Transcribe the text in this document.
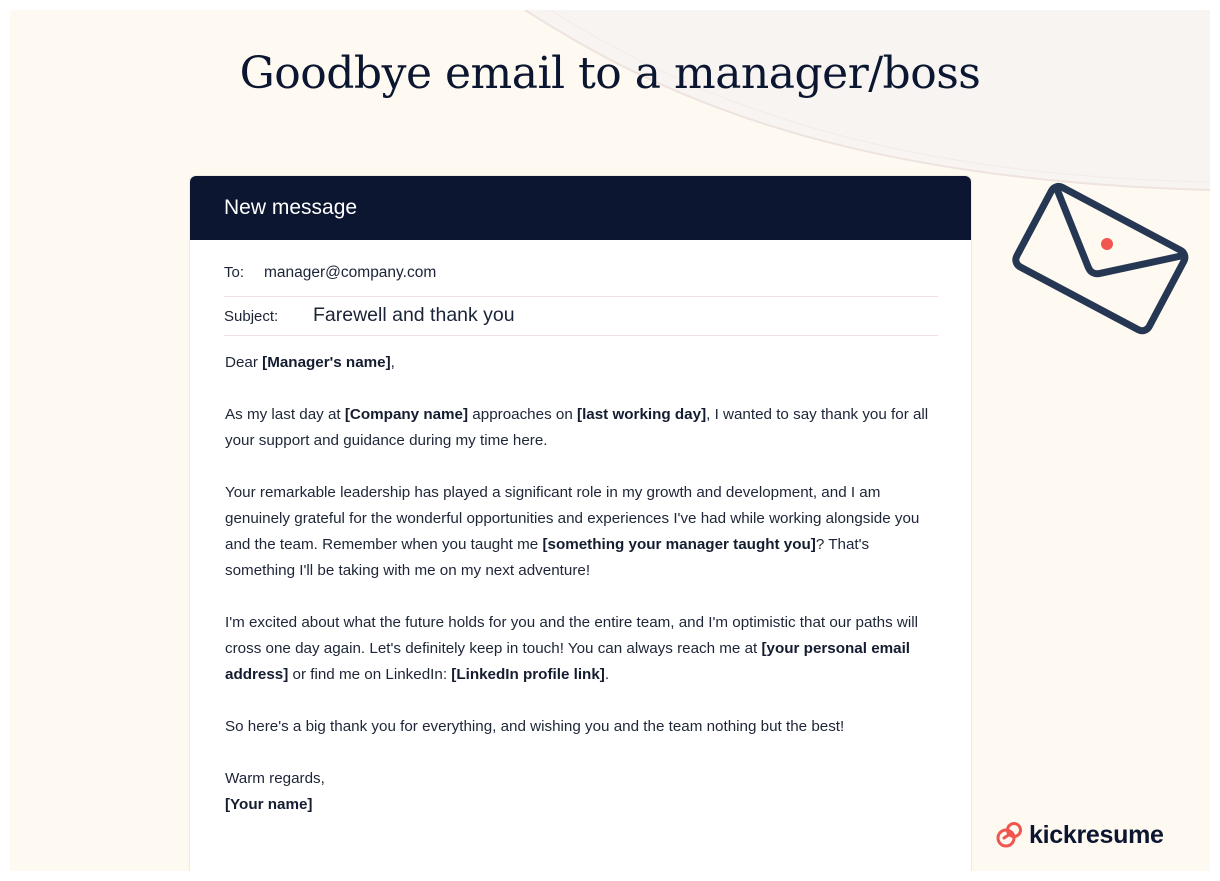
Goodbye email to a manager/boss
New message
To: manager@company.com
Subject: Farewell and thank you

Dear [Manager's name],

As my last day at [Company name] approaches on [last working day], I wanted to say thank you for all your support and guidance during my time here.

Your remarkable leadership has played a significant role in my growth and development, and I am genuinely grateful for the wonderful opportunities and experiences I've had while working alongside you and the team. Remember when you taught me [something your manager taught you]? That's something I'll be taking with me on my next adventure!

I'm excited about what the future holds for you and the entire team, and I'm optimistic that our paths will cross one day again. Let's definitely keep in touch! You can always reach me at [your personal email address] or find me on LinkedIn: [LinkedIn profile link].

So here's a big thank you for everything, and wishing you and the team nothing but the best!

Warm regards,
[Your name]
kickresume
